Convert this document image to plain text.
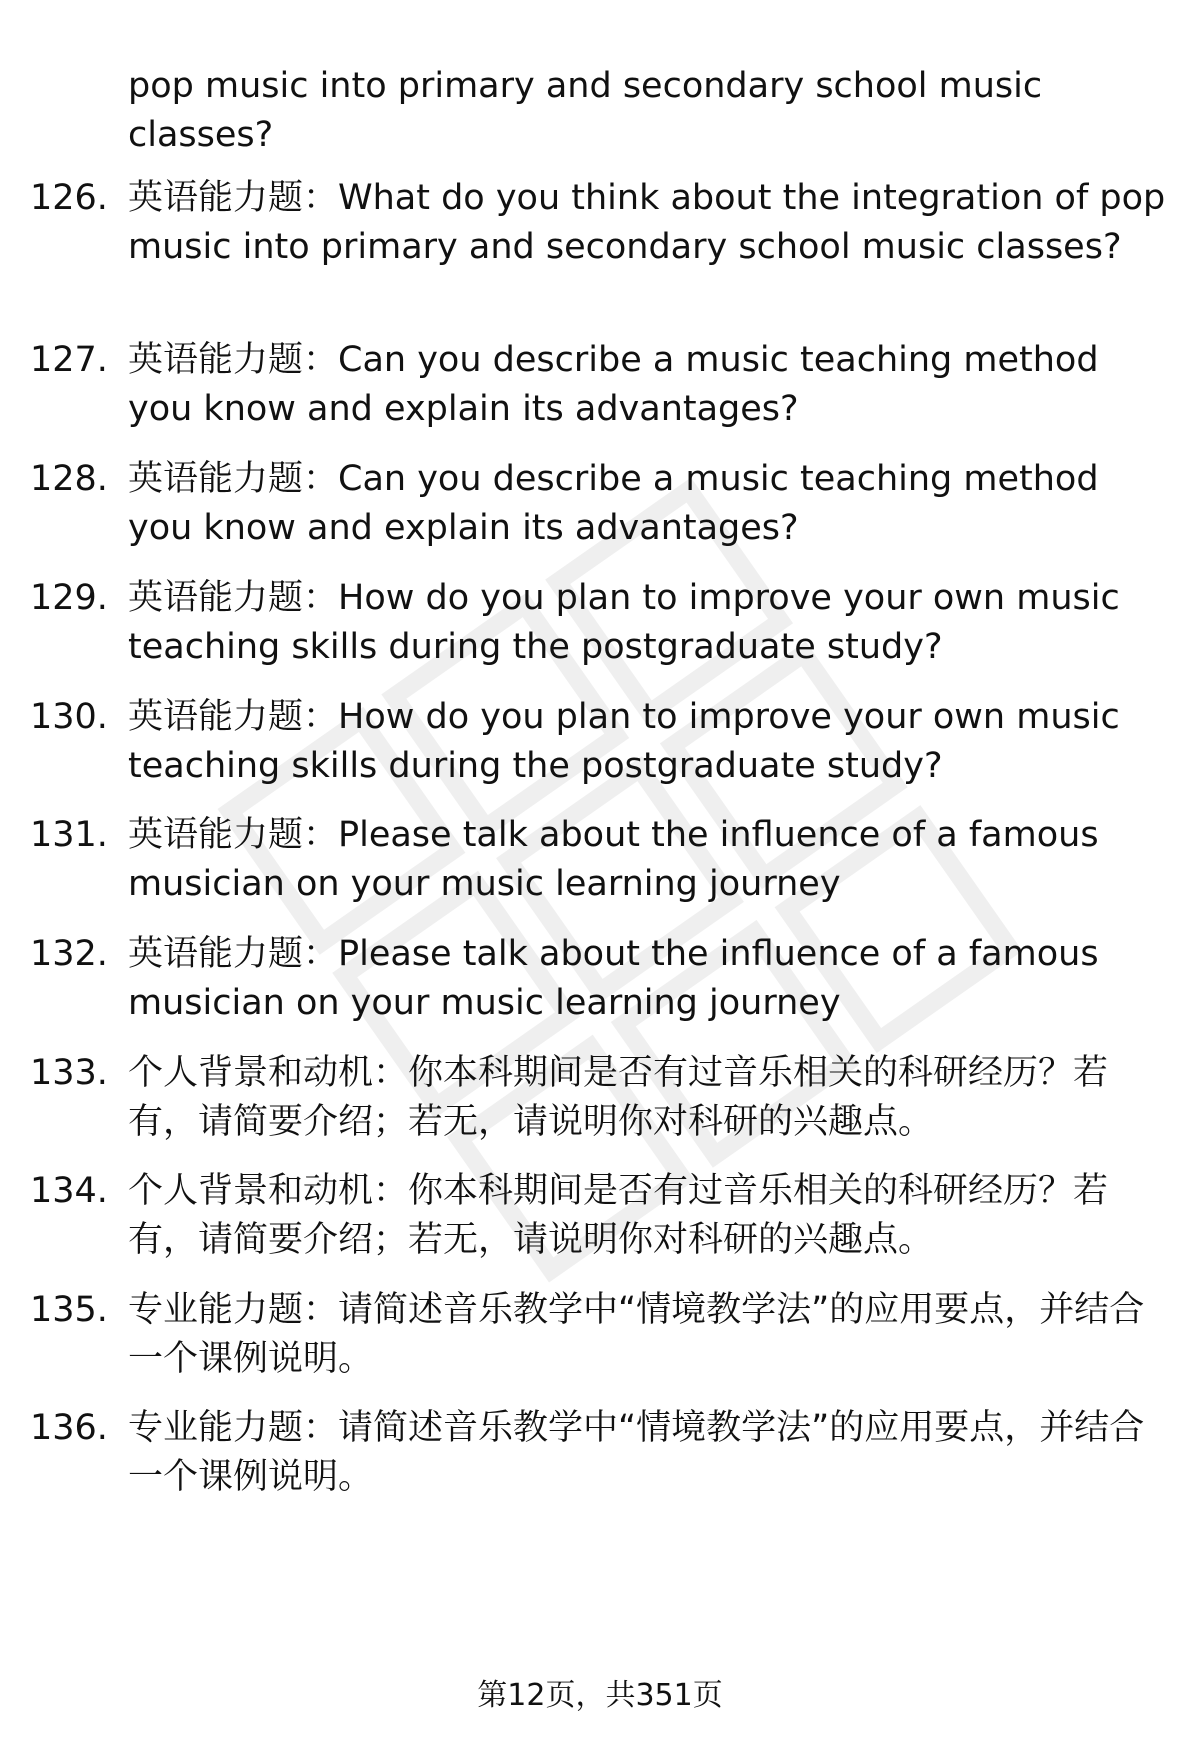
pop music into primary and secondary school music classes?
126. 英语能力题：What do you think about the integration of pop music into primary and secondary school music classes?
127. 英语能力题：Can you describe a music teaching method you know and explain its advantages?
128. 英语能力题：Can you describe a music teaching method you know and explain its advantages?
129. 英语能力题：How do you plan to improve your own music teaching skills during the postgraduate study?
130. 英语能力题：How do you plan to improve your own music teaching skills during the postgraduate study?
131. 英语能力题：Please talk about the influence of a famous musician on your music learning journey
132. 英语能力题：Please talk about the influence of a famous musician on your music learning journey
133. 个人背景和动机：你本科期间是否有过音乐相关的科研经历？若有，请简要介绍；若无，请说明你对科研的兴趣点。
134. 个人背景和动机：你本科期间是否有过音乐相关的科研经历？若有，请简要介绍；若无，请说明你对科研的兴趣点。
135. 专业能力题：请简述音乐教学中“情境教学法”的应用要点，并结合一个课例说明。
136. 专业能力题：请简述音乐教学中“情境教学法”的应用要点，并结合一个课例说明。
第12页，共351页
